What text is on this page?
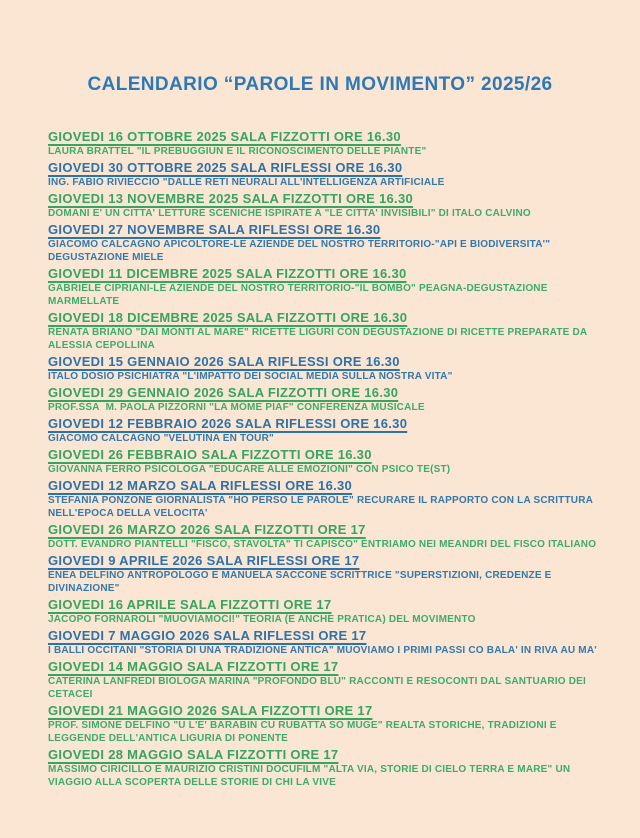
CALENDARIO “PAROLE IN MOVIMENTO” 2025/26
GIOVEDI 16 OTTOBRE 2025 SALA FIZZOTTI ORE 16.30
LAURA BRATTEL "IL PREBUGGIUN E IL RICONOSCIMENTO DELLE PIANTE"
GIOVEDI 30 OTTOBRE 2025 SALA RIFLESSI ORE 16.30
ING. FABIO RIVIECCIO "DALLE RETI NEURALI ALL'INTELLIGENZA ARTIFICIALE
GIOVEDI 13 NOVEMBRE 2025 SALA FIZZOTTI ORE 16.30
DOMANI E' UN CITTA' LETTURE SCENICHE ISPIRATE A "LE CITTA' INVISIBILI" DI ITALO CALVINO
GIOVEDI 27 NOVEMBRE SALA RIFLESSI ORE 16.30
GIACOMO CALCAGNO APICOLTORE-LE AZIENDE DEL NOSTRO TERRITORIO-"API E BIODIVERSITA'" DEGUSTAZIONE MIELE
GIOVEDI 11 DICEMBRE 2025 SALA FIZZOTTI ORE 16.30
GABRIELE CIPRIANI-LE AZIENDE DEL NOSTRO TERRITORIO-"IL BOMBO" PEAGNA-DEGUSTAZIONE MARMELLATE
GIOVEDI 18 DICEMBRE 2025 SALA FIZZOTTI ORE 16.30
RENATA BRIANO "DAI MONTI AL MARE" RICETTE LIGURI CON DEGUSTAZIONE DI RICETTE PREPARATE DA ALESSIA CEPOLLINA
GIOVEDI 15 GENNAIO 2026 SALA RIFLESSI ORE 16.30
ITALO DOSIO PSICHIATRA "L'IMPATTO DEI SOCIAL MEDIA SULLA NOSTRA VITA"
GIOVEDI 29 GENNAIO 2026 SALA FIZZOTTI ORE 16.30
PROF.SSA  M. PAOLA PIZZORNI "LA MÔME PIAF" CONFERENZA MUSICALE
GIOVEDI 12 FEBBRAIO 2026 SALA RIFLESSI ORE 16.30
GIACOMO CALCAGNO "VELUTINA EN TOUR"
GIOVEDI 26 FEBBRAIO SALA FIZZOTTI ORE 16.30
GIOVANNA FERRO PSICOLOGA "EDUCARE ALLE EMOZIONI" CON PSICO TE(ST)
GIOVEDI 12 MARZO SALA RIFLESSI ORE 16.30
STEFANIA PONZONE GIORNALISTA "HO PERSO LE PAROLE" RECURARE IL RAPPORTO CON LA SCRITTURA NELL'EPOCA DELLA VELOCITA'
GIOVEDI 26 MARZO 2026 SALA FIZZOTTI ORE 17
DOTT. EVANDRO PIANTELLI "FISCO, STAVOLTA" TI CAPISCO" ENTRIAMO NEI MEANDRI DEL FISCO ITALIANO
GIOVEDI 9 APRILE 2026 SALA RIFLESSI ORE 17
ENEA DELFINO ANTROPOLOGO E MANUELA SACCONE SCRITTRICE "SUPERSTIZIONI, CREDENZE E DIVINAZIONE"
GIOVEDI 16 APRILE SALA FIZZOTTI ORE 17
JACOPO FORNAROLI "MUOVIAMOCI!" TEORIA (E ANCHE PRATICA) DEL MOVIMENTO
GIOVEDI 7 MAGGIO 2026 SALA RIFLESSI ORE 17
I BALLI OCCITANI "STORIA DI UNA TRADIZIONE ANTICA" MUOVIAMO I PRIMI PASSI CO BALA' IN RIVA AU MA'
GIOVEDI 14 MAGGIO SALA FIZZOTTI ORE 17
CATERINA LANFREDI BIOLOGA MARINA "PROFONDO BLU" RACCONTI E RESOCONTI DAL SANTUARIO DEI CETACEI
GIOVEDI 21 MAGGIO 2026 SALA FIZZOTTI ORE 17
PROF. SIMONE DELFINO "U L'E' BARABIN CU RUBATTA SO MUGE" REALTA STORICHE, TRADIZIONI E LEGGENDE DELL'ANTICA LIGURIA DI PONENTE
GIOVEDI 28 MAGGIO SALA FIZZOTTI ORE 17
MASSIMO CIRICILLO E MAURIZIO CRISTINI DOCUFILM "ALTA VIA, STORIE DI CIELO TERRA E MARE" UN VIAGGIO ALLA SCOPERTA DELLE STORIE DI CHI LA VIVE
